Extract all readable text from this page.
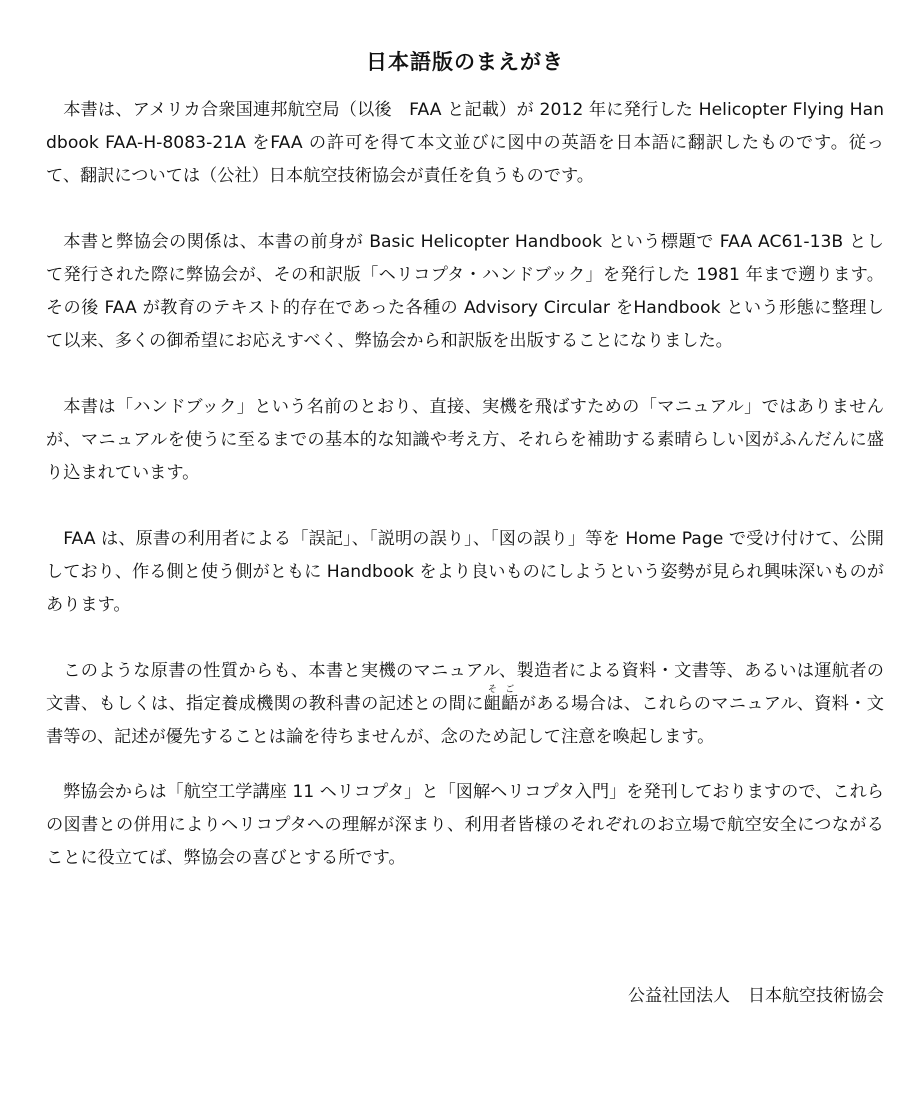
日本語版のまえがき

本書は、アメリカ合衆国連邦航空局（以後　FAA と記載）が 2012 年に発行した Helicopter Flying Handbook FAA-H-8083-21A をFAA の許可を得て本文並びに図中の英語を日本語に翻訳したものです。従って、翻訳については（公社）日本航空技術協会が責任を負うものです。

本書と弊協会の関係は、本書の前身が Basic Helicopter Handbook という標題で FAA AC61-13B として発行された際に弊協会が、その和訳版「ヘリコプタ・ハンドブック」を発行した 1981 年まで遡ります。その後 FAA が教育のテキスト的存在であった各種の Advisory Circular をHandbook という形態に整理して以来、多くの御希望にお応えすべく、弊協会から和訳版を出版することになりました。

本書は「ハンドブック」という名前のとおり、直接、実機を飛ばすための「マニュアル」ではありませんが、マニュアルを使うに至るまでの基本的な知識や考え方、それらを補助する素晴らしい図がふんだんに盛り込まれています。

FAA は、原書の利用者による「誤記」、「説明の誤り」、「図の誤り」等を Home Page で受け付けて、公開しており、作る側と使う側がともに Handbook をより良いものにしようという姿勢が見られ興味深いものがあります。

このような原書の性質からも、本書と実機のマニュアル、製造者による資料・文書等、あるいは運航者の文書、もしくは、指定養成機関の教科書の記述との間に齟齬そごがある場合は、これらのマニュアル、資料・文書等の、記述が優先することは論を待ちませんが、念のため記して注意を喚起します。

弊協会からは「航空工学講座 11 ヘリコプタ」と「図解ヘリコプタ入門」を発刊しておりますので、これらの図書との併用によりヘリコプタへの理解が深まり、利用者皆様のそれぞれのお立場で航空安全につながることに役立てば、弊協会の喜びとする所です。

公益社団法人 日本航空技術協会
